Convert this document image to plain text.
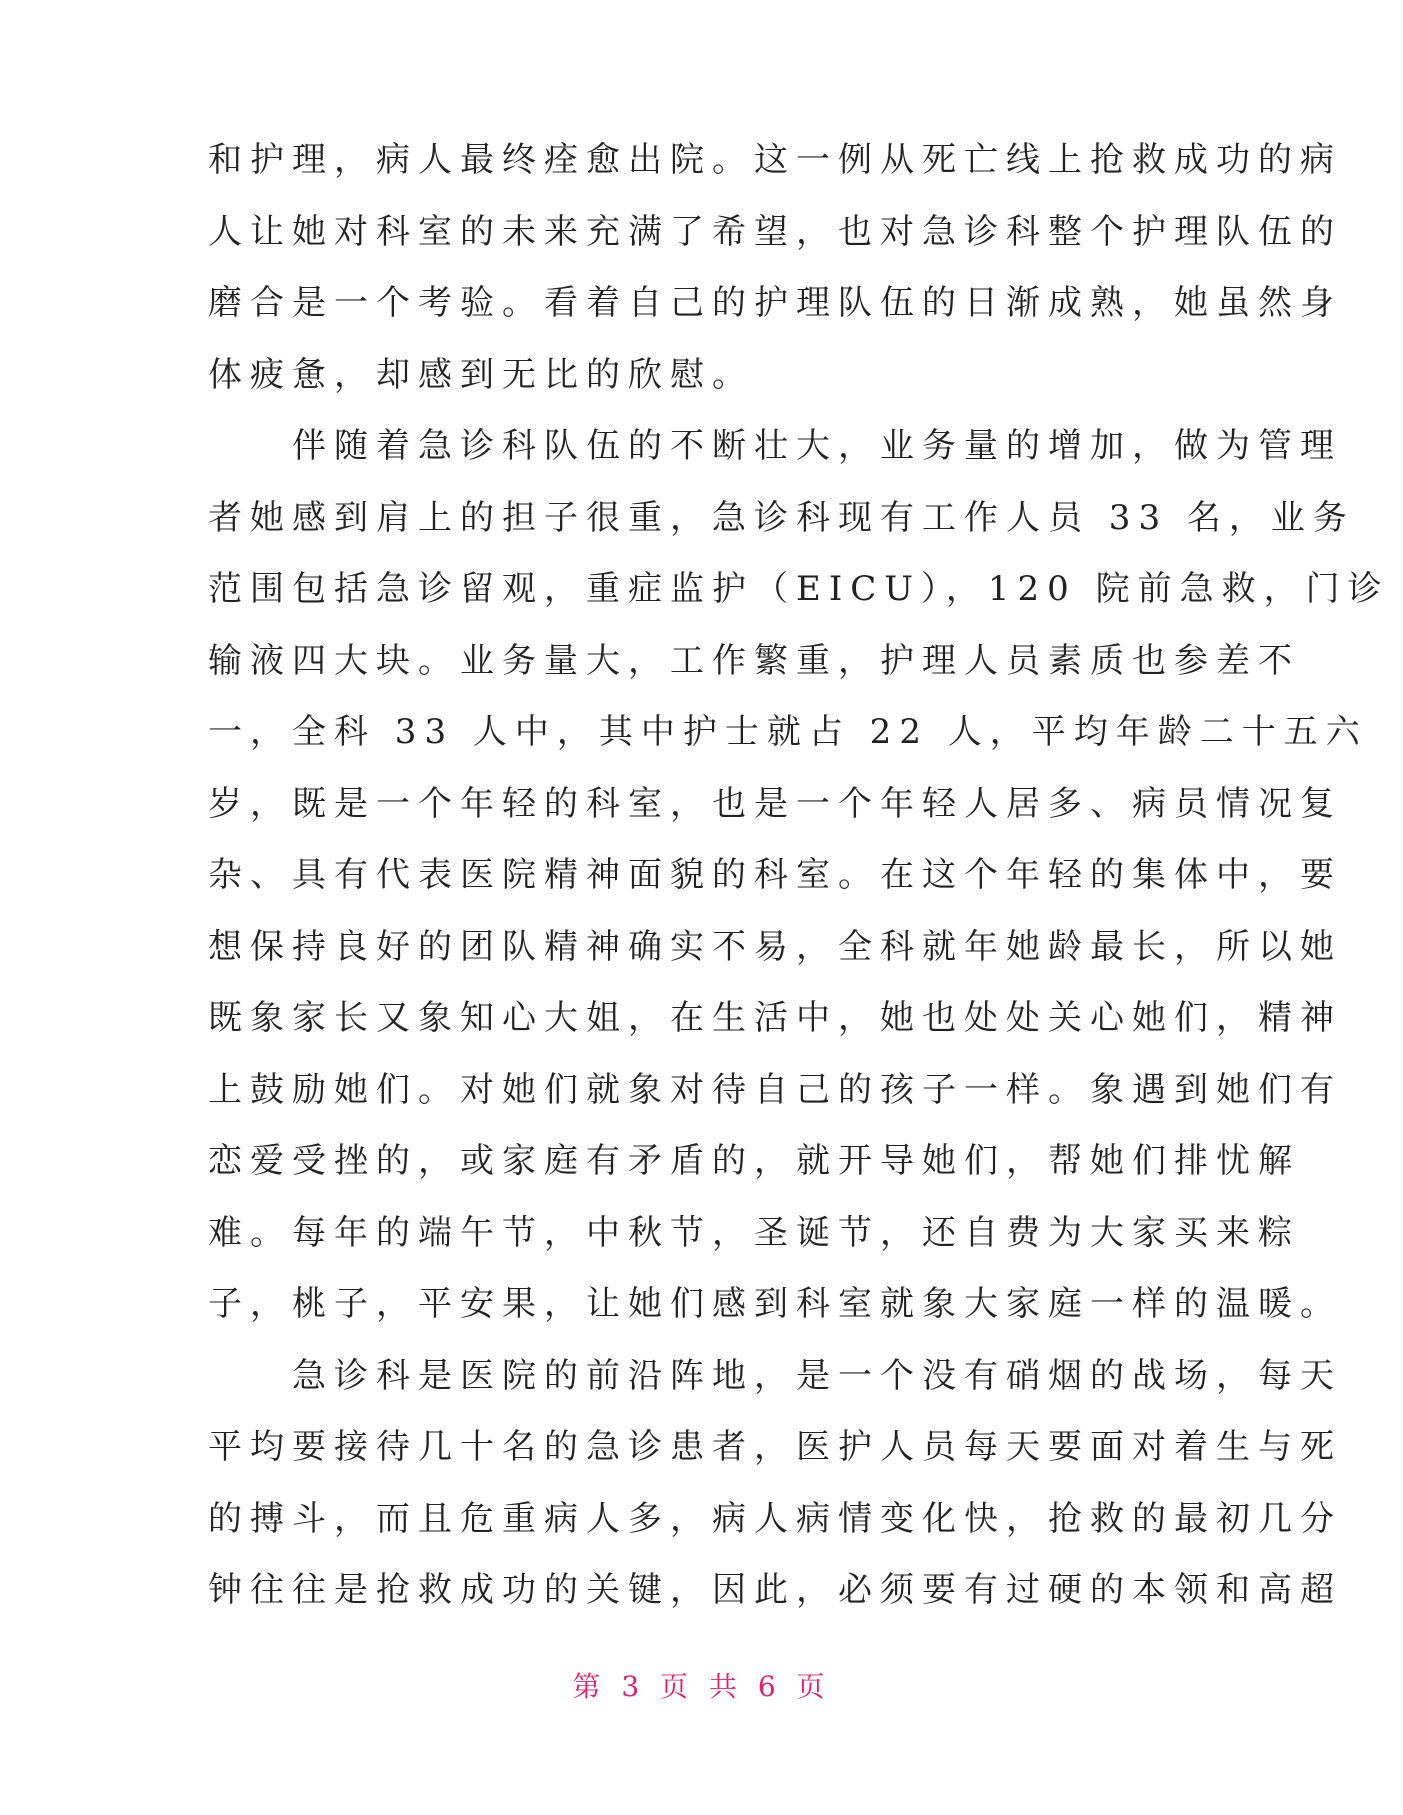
和护理，病人最终痊愈出院。这一例从死亡线上抢救成功的病
人让她对科室的未来充满了希望，也对急诊科整个护理队伍的
磨合是一个考验。看着自己的护理队伍的日渐成熟，她虽然身
体疲惫，却感到无比的欣慰。
　　伴随着急诊科队伍的不断壮大，业务量的增加，做为管理
者她感到肩上的担子很重，急诊科现有工作人员 33 名，业务
范围包括急诊留观，重症监护（EICU），120 院前急救，门诊
输液四大块。业务量大，工作繁重，护理人员素质也参差不
一，全科 33 人中，其中护士就占 22 人，平均年龄二十五六
岁，既是一个年轻的科室，也是一个年轻人居多、病员情况复
杂、具有代表医院精神面貌的科室。在这个年轻的集体中，要
想保持良好的团队精神确实不易，全科就年她龄最长，所以她
既象家长又象知心大姐，在生活中，她也处处关心她们，精神
上鼓励她们。对她们就象对待自己的孩子一样。象遇到她们有
恋爱受挫的，或家庭有矛盾的，就开导她们，帮她们排忧解
难。每年的端午节，中秋节，圣诞节，还自费为大家买来粽
子，桃子，平安果，让她们感到科室就象大家庭一样的温暖。
　　急诊科是医院的前沿阵地，是一个没有硝烟的战场，每天
平均要接待几十名的急诊患者，医护人员每天要面对着生与死
的搏斗，而且危重病人多，病人病情变化快，抢救的最初几分
钟往往是抢救成功的关键，因此，必须要有过硬的本领和高超
第 3 页 共 6 页
